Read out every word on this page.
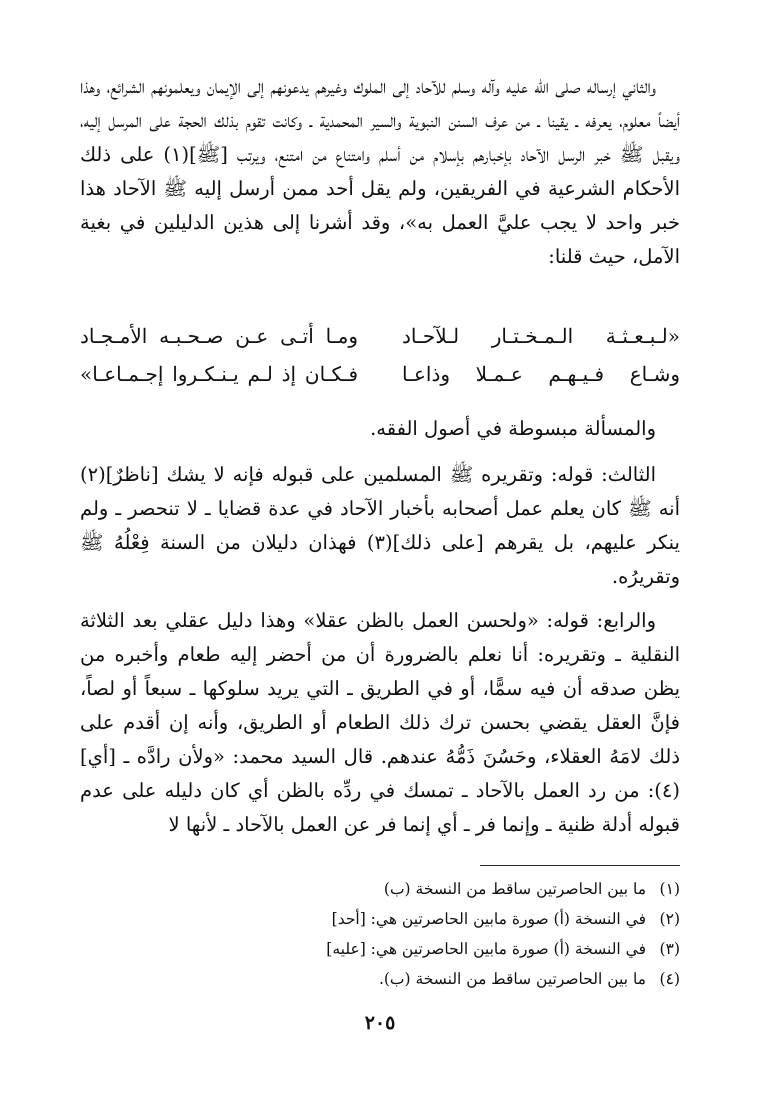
والثاني إرساله صلى الله عليه وآله وسلم للآحاد إلى الملوك وغيرهم يدعونهم إلى الإيمان ويعلمونهم الشرائع، وهذا أيضاً معلوم، يعرفه ـ يقينا ـ من عرف السنن النبوية والسير المحمدية ـ وكانت تقوم بذلك الحجة على المرسل إليه، ويقبل ﷺ خبر الرسل الآحاد بإخبارهم بإسلام من أسلم وامتناع من امتنع، ويرتب [ﷺ](١) على ذلك الأحكام الشرعية في الفريقين، ولم يقل أحد ممن أرسل إليه ﷺ الآحاد هذا خبر واحد لا يجب عليَّ العمل به»، وقد أشرنا إلى هذين الدليلين في بغية الآمل، حيث قلنا:

«لـبـعـثـة الـمـخـتـار لـلآحـاد
ومـا أتـى عـن صـحـبـه الأمـجـاد
وشـاع فـيـهـم عـمـلا وذاعـا
فـكـان إذ لـم يـنـكـروا إجـمـاعـا»

والمسألة مبسوطة في أصول الفقه.

الثالث: قوله: وتقريره ﷺ المسلمين على قبوله فإنه لا يشك [ناظرٌ](٢) أنه ﷺ كان يعلم عمل أصحابه بأخبار الآحاد في عدة قضايا ـ لا تنحصر ـ ولم ينكر عليهم، بل يقرهم [على ذلك](٣) فهذان دليلان من السنة فِعْلُهُ ﷺ وتقريرُه.

والرابع: قوله: «ولحسن العمل بالظن عقلا» وهذا دليل عقلي بعد الثلاثة النقلية ـ وتقريره: أنا نعلم بالضرورة أن من أحضر إليه طعام وأخبره من يظن صدقه أن فيه سمًّا، أو في الطريق ـ التي يريد سلوكها ـ سبعاً أو لصاً، فإنَّ العقل يقضي بحسن ترك ذلك الطعام أو الطريق، وأنه إن أقدم على ذلك لامَهُ العقلاء، وحَسُنَ ذَمُّهُ عندهم. قال السيد محمد: «ولأن رادَّه ـ [أي](٤): من رد العمل بالآحاد ـ تمسك في ردِّه بالظن أي كان دليله على عدم قبوله أدلة ظنية ـ وإنما فر ـ أي إنما فر عن العمل بالآحاد ـ لأنها لا

(١)
ما بين الحاصرتين ساقط من النسخة (ب)
(٢)
في النسخة (أ) صورة مابين الحاصرتين هي: [أحد]
(٣)
في النسخة (أ) صورة مابين الحاصرتين هي: [عليه]
(٤)
ما بين الحاصرتين ساقط من النسخة (ب).
٢٠٥
